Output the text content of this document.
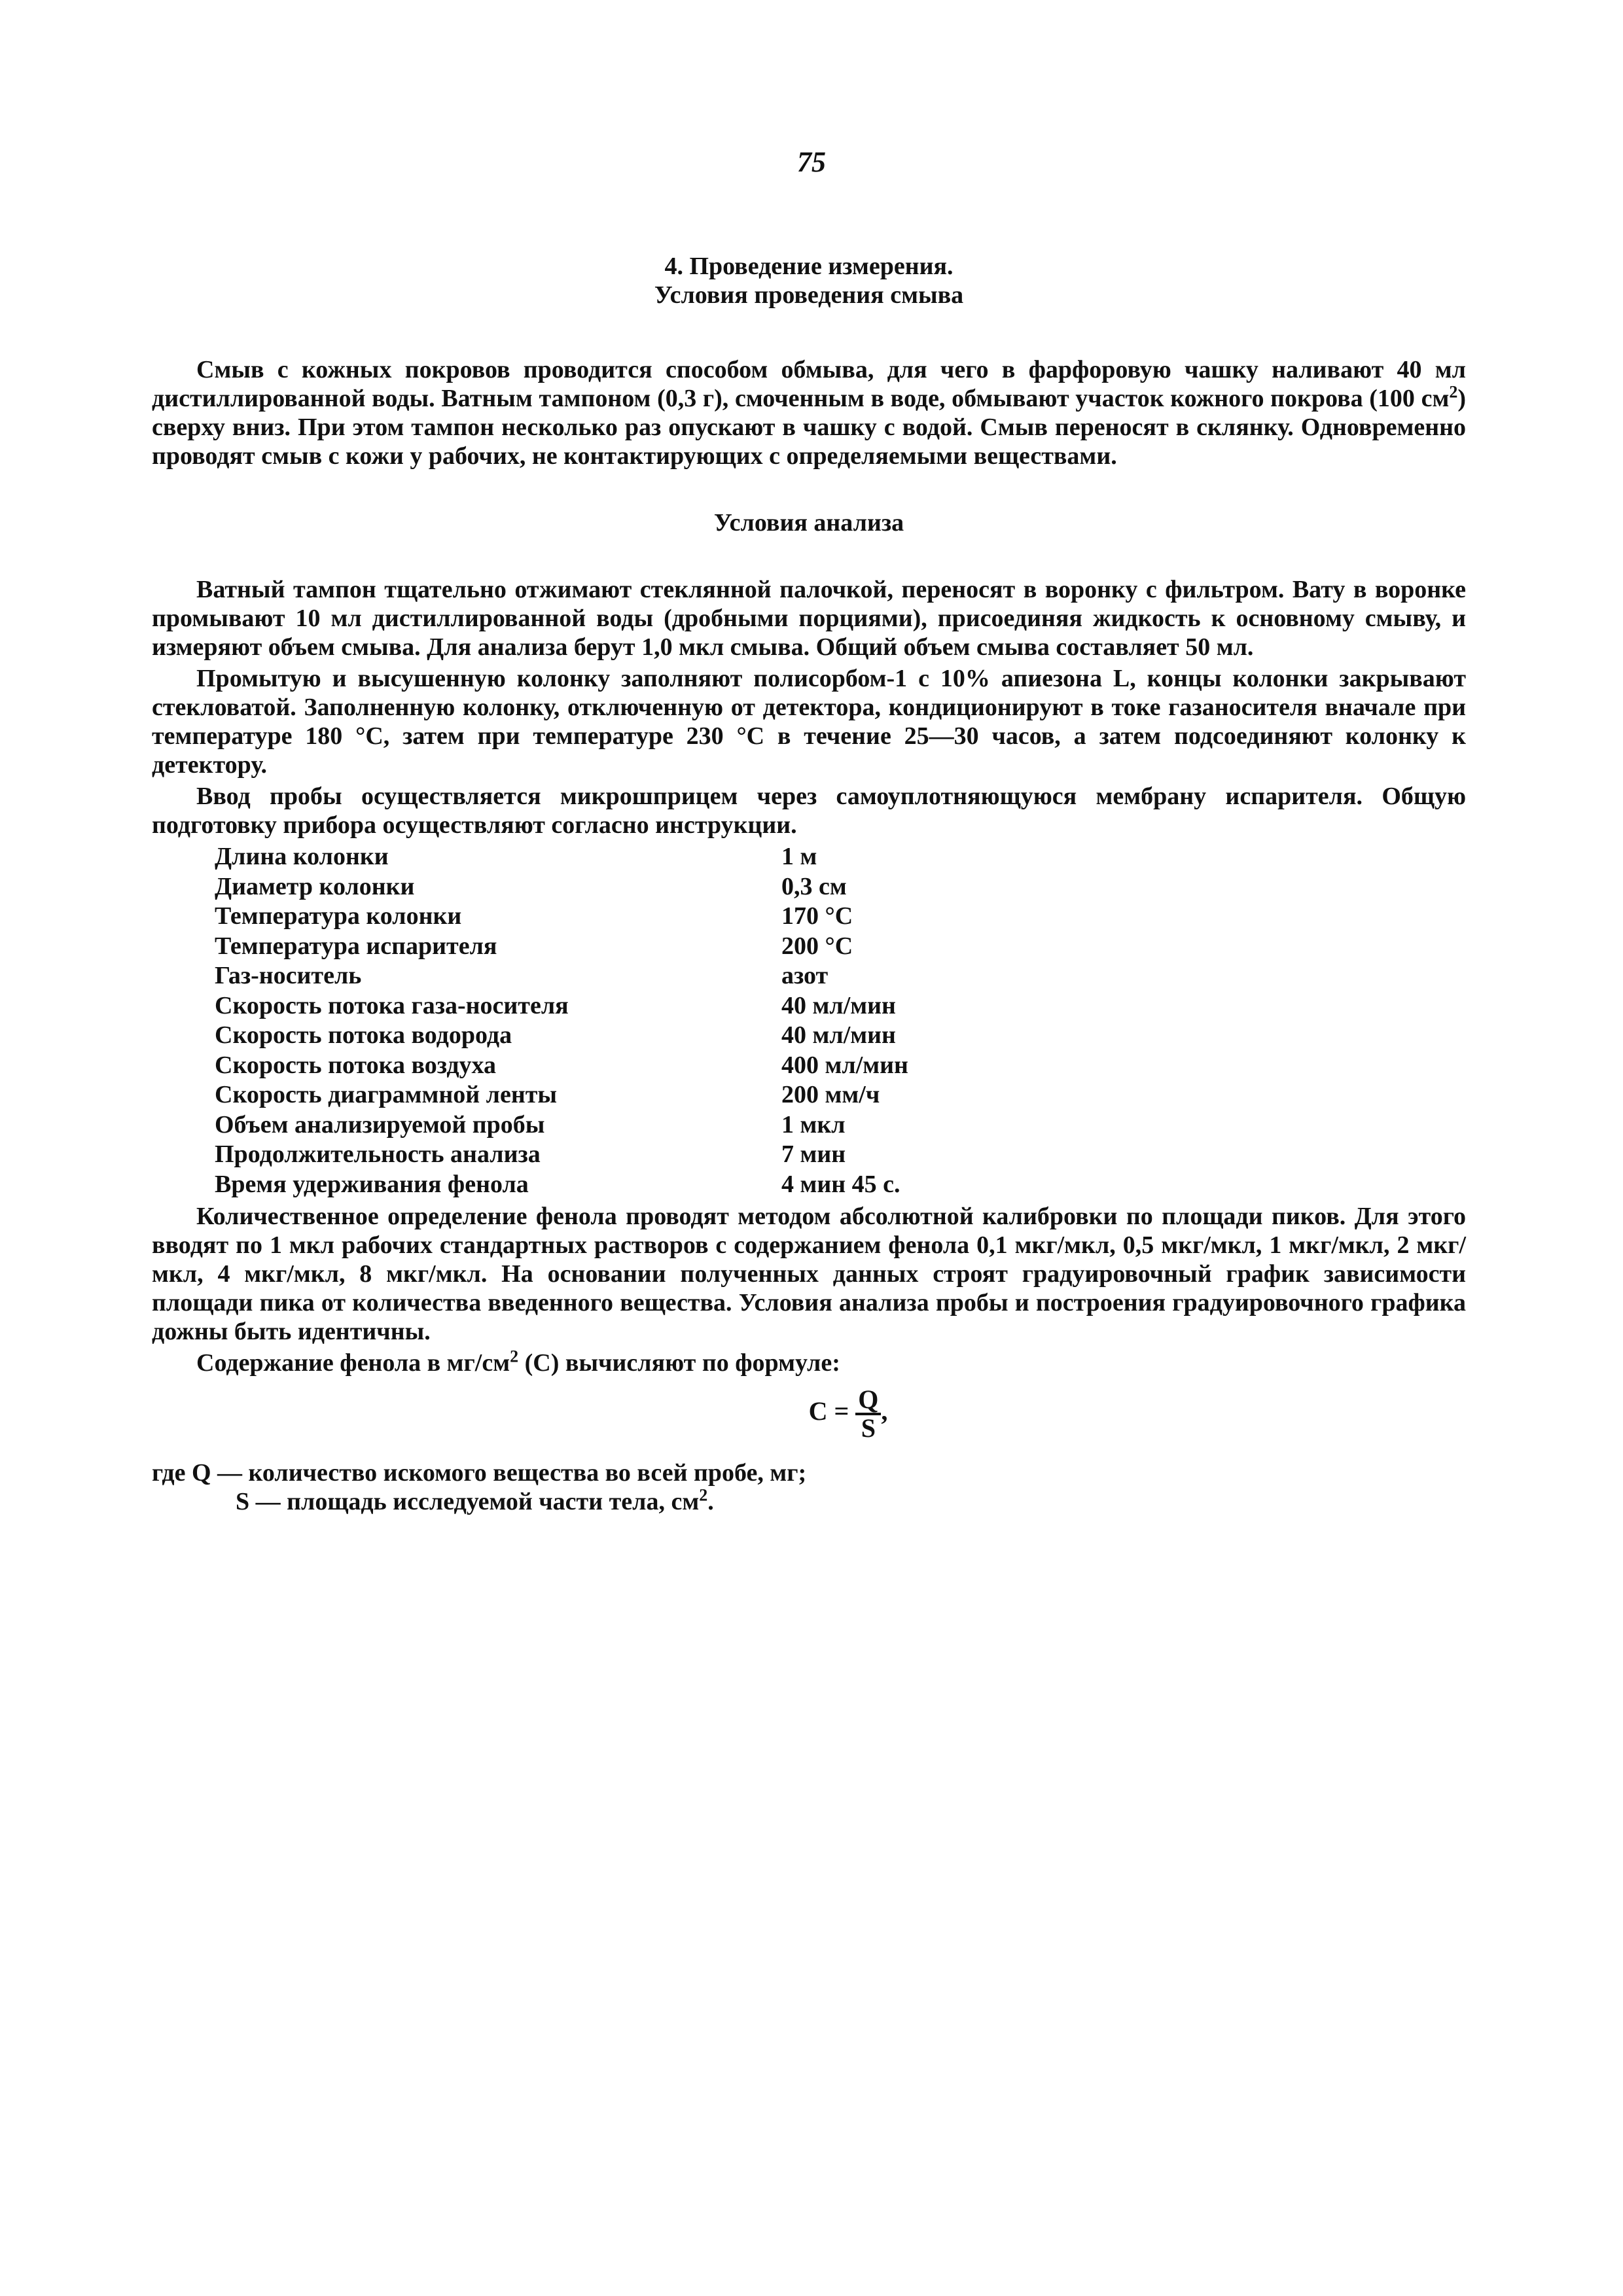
75

4. Проведение измерения.

Условия проведения смыва

Смыв с кожных покровов проводится способом обмыва, для чего в фарфоровую чашку наливают 40 мл дистиллированной воды. Ватным тампоном (0,3 г), смоченным в воде, обмывают участок кожного покрова (100 $см^2$) сверху вниз. При этом тампон несколько раз опускают в чашку с водой. Смыв переносят в склянку. Одновременно проводят смыв с кожи у рабочих, не контактирующих с определяемыми веществами.

Условия анализа

Ватный тампон тщательно отжимают стеклянной палочкой, переносят в воронку с фильтром. Вату в воронке промывают 10 мл дистиллированной воды (дробными порциями), присоединяя жидкость к основному смыву, и измеряют объем смыва. Для анализа берут 1,0 мкл смыва. Общий объем смыва составляет 50 мл.

Промытую и высушенную колонку заполняют полисорбом-1 с 10% апиезона L, концы колонки закрывают стекловатой. Заполненную колонку, отключенную от детектора, кондиционируют в токе газаносителя вначале при температуре 180 °С, затем при температуре 230 °С в течение 25—30 часов, а затем подсоединяют колонку к детектору.

Ввод пробы осуществляется микрошприцем через самоуплотняющуюся мембрану испарителя. Общую подготовку прибора осуществляют согласно инструкции.

Длина колонки	1 м
Диаметр колонки	0,3 см
Температура колонки	170 °С
Температура испарителя	200 °С
Газ-носитель	азот
Скорость потока газа-носителя	40 мл/мин
Скорость потока водорода	40 мл/мин
Скорость потока воздуха	400 мл/мин
Скорость диаграммной ленты	200 мм/ч
Объем анализируемой пробы	1 мкл
Продолжительность анализа	7 мин
Время удерживания фенола	4 мин 45 с.

Количественное определение фенола проводят методом абсолютной калибровки по площади пиков. Для этого вводят по 1 мкл рабочих стандартных растворов с содержанием фенола 0,1 мкг/мкл, 0,5 мкг/мкл, 1 мкг/мкл, 2 мкг/мкл, 4 мкг/мкл, 8 мкг/мкл. На основании полученных данных строят градуировочный график зависимости площади пика от количества введенного вещества. Условия анализа пробы и построения градуировочного графика дожны быть идентичны.

Содержание фенола в $мг/см^2$ (С) вычисляют по формуле:

$C = \frac{Q}{S}$ ,

где Q — количество искомого вещества во всей пробе, мг;

S — площадь исследуемой части тела, $см^2$.
